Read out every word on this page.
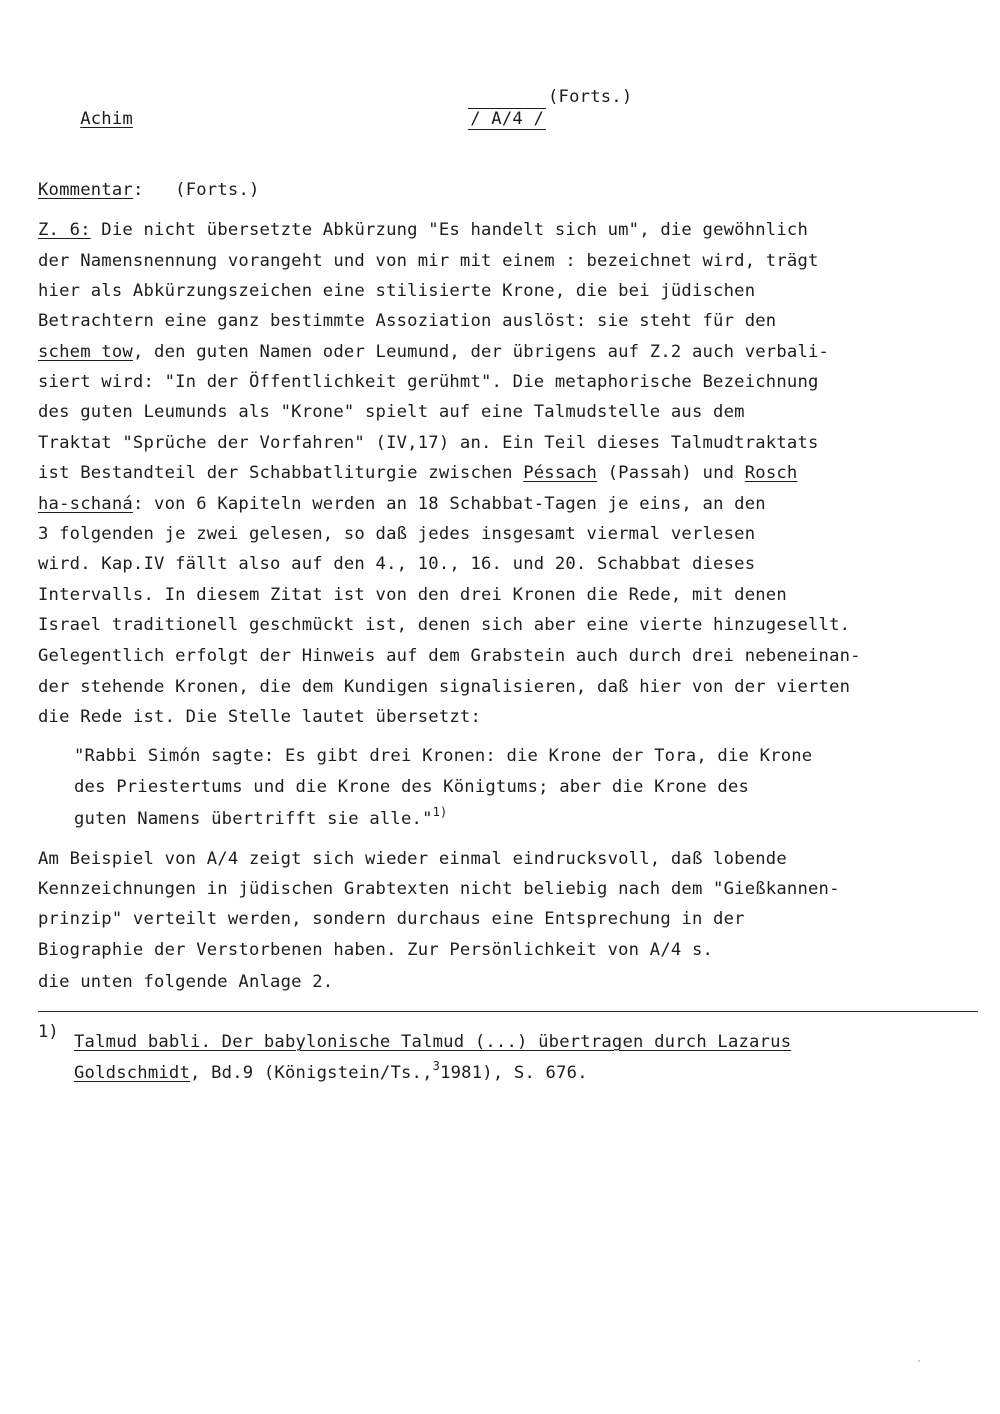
Achim
	/ A/4 /

(Forts.)
Kommentar: (Forts.)
Z. 6: Die nicht übersetzte Abkürzung "Es handelt sich um", die gewöhnlich
der Namensnennung vorangeht und von mir mit einem : bezeichnet wird, trägt
hier als Abkürzungszeichen eine stilisierte Krone, die bei jüdischen
Betrachtern eine ganz bestimmte Assoziation auslöst: sie steht für den
schem tow, den guten Namen oder Leumund, der übrigens auf Z.2 auch verbali-
siert wird: "In der Öffentlichkeit gerühmt". Die metaphorische Bezeichnung
des guten Leumunds als "Krone" spielt auf eine Talmudstelle aus dem
Traktat "Sprüche der Vorfahren" (IV,17) an. Ein Teil dieses Talmudtraktats
ist Bestandteil der Schabbatliturgie zwischen Péssach (Passah) und Rosch
ha-schaná: von 6 Kapiteln werden an 18 Schabbat-Tagen je eins, an den
3 folgenden je zwei gelesen, so daß jedes insgesamt viermal verlesen
wird. Kap.IV fällt also auf den 4., 10., 16. und 20. Schabbat dieses
Intervalls. In diesem Zitat ist von den drei Kronen die Rede, mit denen
Israel traditionell geschmückt ist, denen sich aber eine vierte hinzugesellt.
Gelegentlich erfolgt der Hinweis auf dem Grabstein auch durch drei nebeneinan-
der stehende Kronen, die dem Kundigen signalisieren, daß hier von der vierten
die Rede ist. Die Stelle lautet übersetzt:
"Rabbi Simón sagte: Es gibt drei Kronen: die Krone der Tora, die Krone
des Priestertums und die Krone des Königtums; aber die Krone des
guten Namens übertrifft sie alle."$^{1)}$
Am Beispiel von A/4 zeigt sich wieder einmal eindrucksvoll, daß lobende
Kennzeichnungen in jüdischen Grabtexten nicht beliebig nach dem "Gießkannen-
prinzip" verteilt werden, sondern durchaus eine Entsprechung in der
Biographie der Verstorbenen haben. Zur Persönlichkeit von A/4 s.
die unten folgende Anlage 2.
1) Talmud babli. Der babylonische Talmud (...) übertragen durch Lazarus
Goldschmidt, Bd.9 (Königstein/Ts.,$^3$1981), S. 676.
